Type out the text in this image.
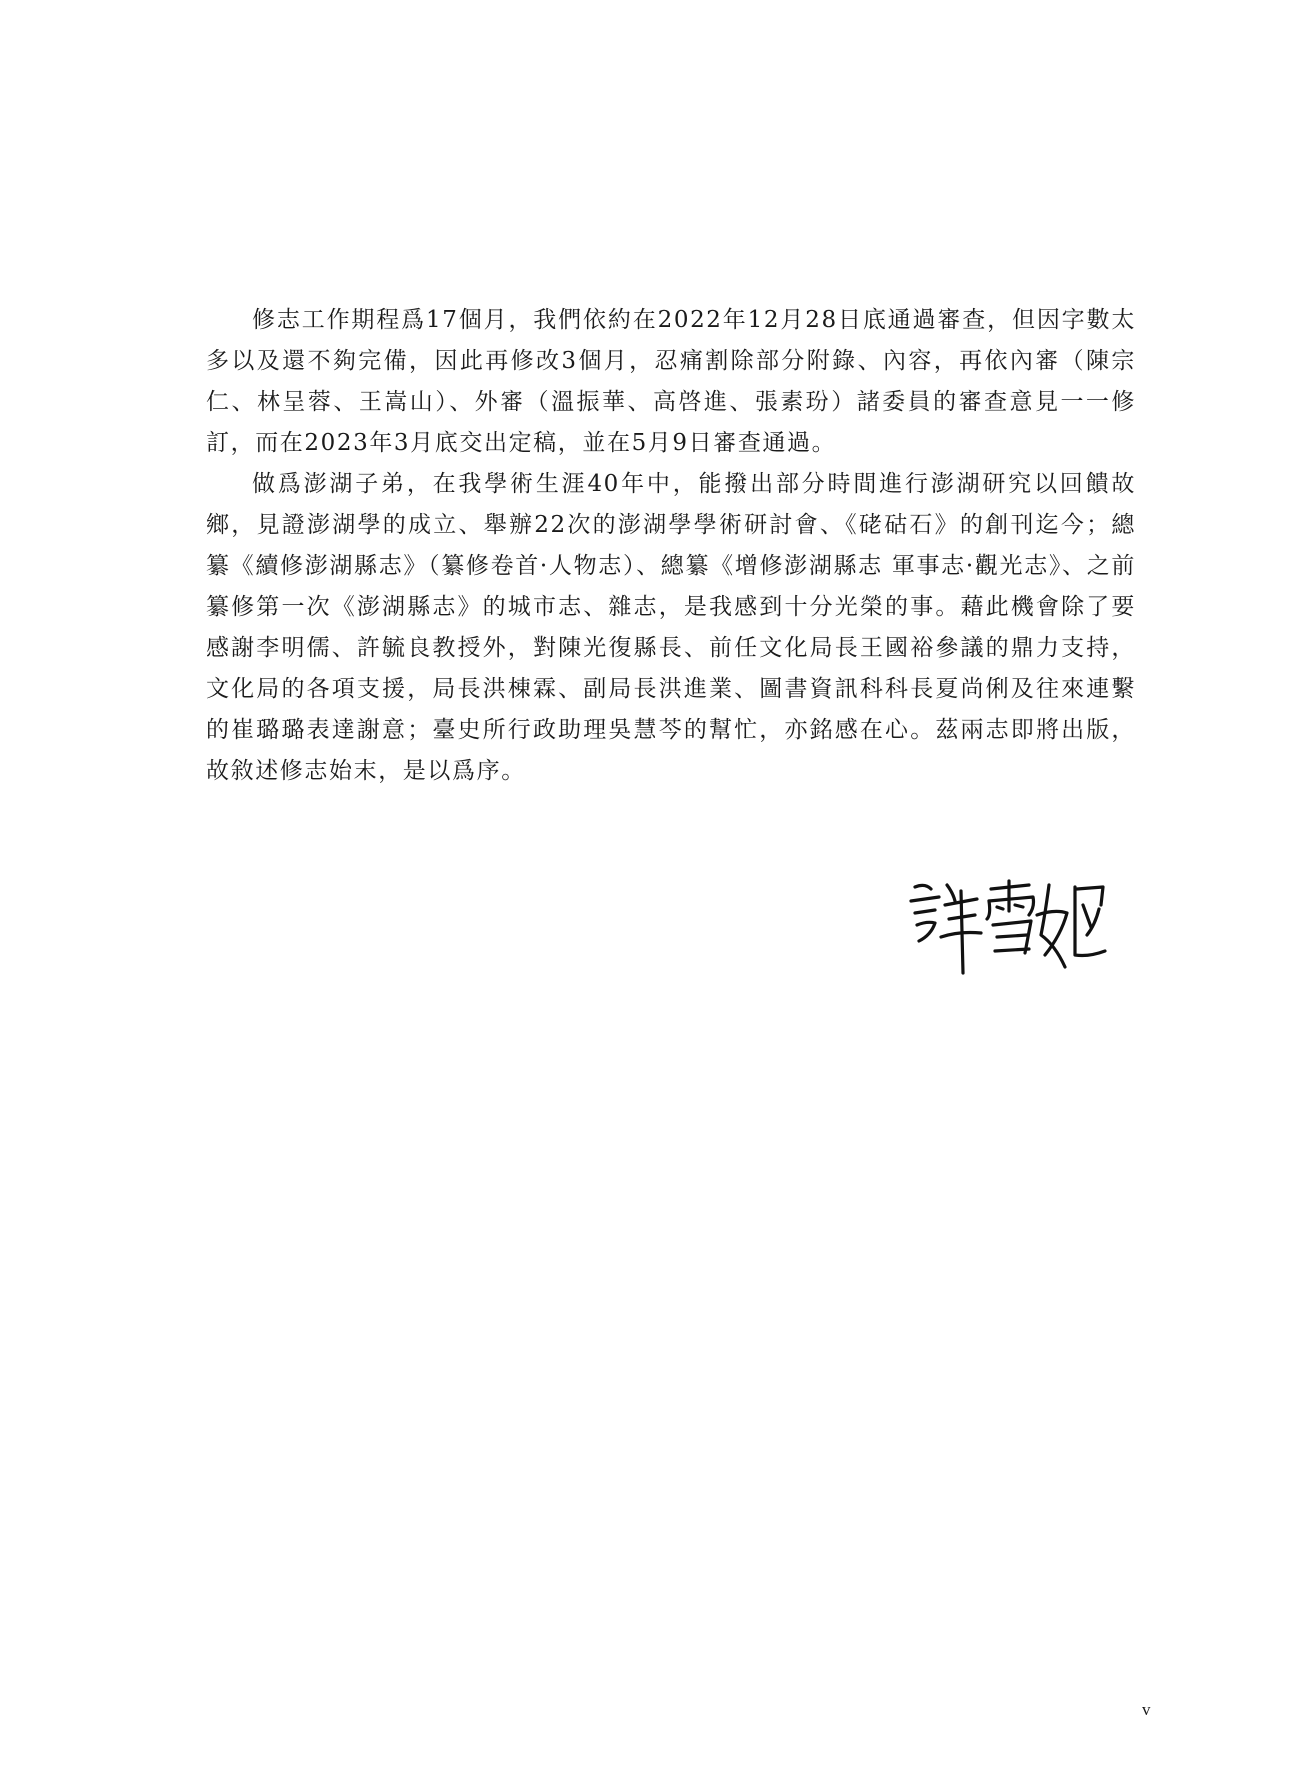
修志工作期程爲17個月，我們依約在2022年12月28日底通過審查，但因字數太多以及還不夠完備，因此再修改3個月，忍痛割除部分附錄、內容，再依內審（陳宗仁、林呈蓉、王嵩山）、外審（溫振華、高啓進、張素玢）諸委員的審查意見一一修訂，而在2023年3月底交出定稿，並在5月9日審查通過。

做爲澎湖子弟，在我學術生涯40年中，能撥出部分時間進行澎湖研究以回饋故鄉，見證澎湖學的成立、舉辦22次的澎湖學學術研討會、《硓𥑮石》的創刊迄今；總纂《續修澎湖縣志》（纂修卷首·人物志）、總纂《增修澎湖縣志 軍事志·觀光志》、之前纂修第一次《澎湖縣志》的城市志、雜志，是我感到十分光榮的事。藉此機會除了要感謝李明儒、許毓良教授外，對陳光復縣長、前任文化局長王國裕參議的鼎力支持，文化局的各項支援，局長洪棟霖、副局長洪進業、圖書資訊科科長夏尚俐及往來連繫的崔璐璐表達謝意；臺史所行政助理吳慧芩的幫忙，亦銘感在心。茲兩志即將出版，故敘述修志始末，是以爲序。

v
